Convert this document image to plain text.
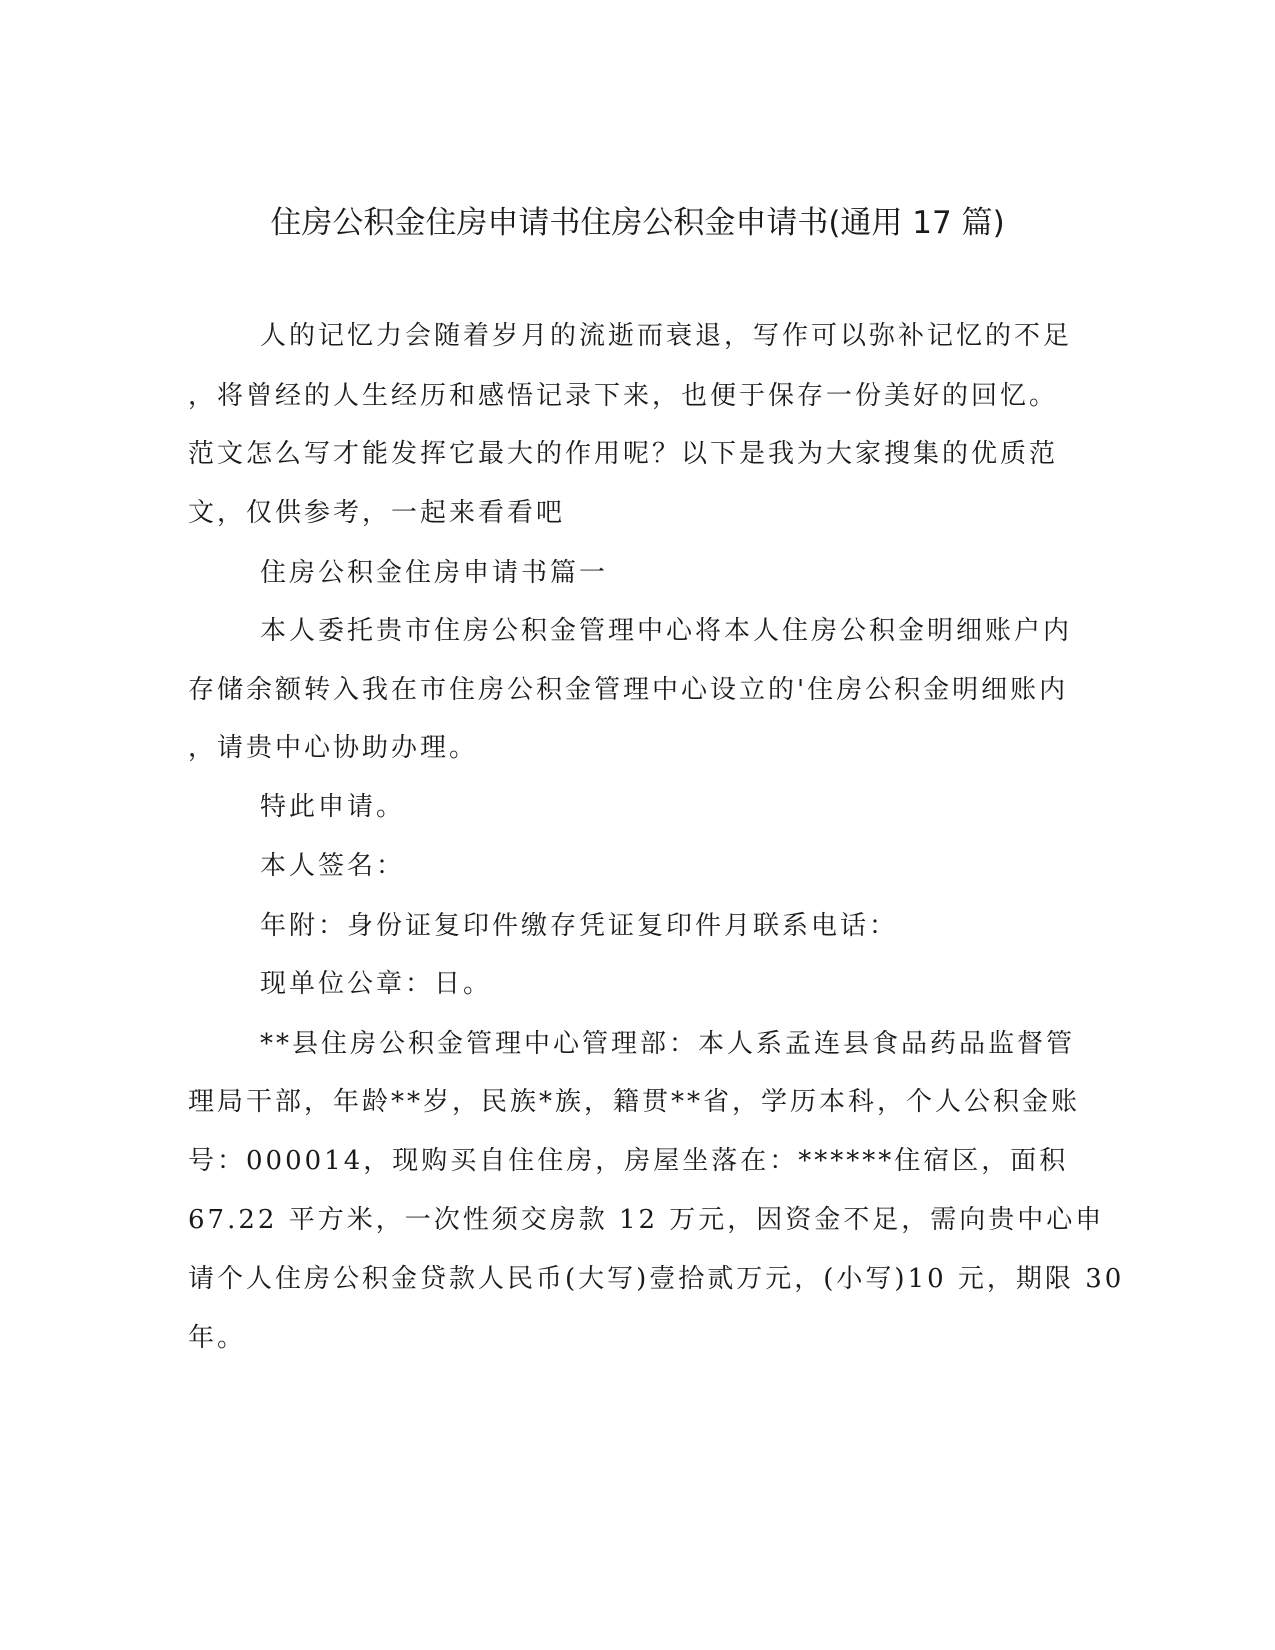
住房公积金住房申请书住房公积金申请书(通用 17 篇)

人的记忆力会随着岁月的流逝而衰退，写作可以弥补记忆的不足

，将曾经的人生经历和感悟记录下来，也便于保存一份美好的回忆。

范文怎么写才能发挥它最大的作用呢？以下是我为大家搜集的优质范

文，仅供参考，一起来看看吧

住房公积金住房申请书篇一

本人委托贵市住房公积金管理中心将本人住房公积金明细账户内

存储余额转入我在市住房公积金管理中心设立的'住房公积金明细账内

，请贵中心协助办理。

特此申请。

本人签名：

年附：身份证复印件缴存凭证复印件月联系电话：

现单位公章：日。

**县住房公积金管理中心管理部：本人系孟连县食品药品监督管

理局干部，年龄**岁，民族*族，籍贯**省，学历本科，个人公积金账

号：000014，现购买自住住房，房屋坐落在：******住宿区，面积

67.22 平方米，一次性须交房款 12 万元，因资金不足，需向贵中心申

请个人住房公积金贷款人民币(大写)壹拾贰万元，(小写)10 元，期限 30

年。
